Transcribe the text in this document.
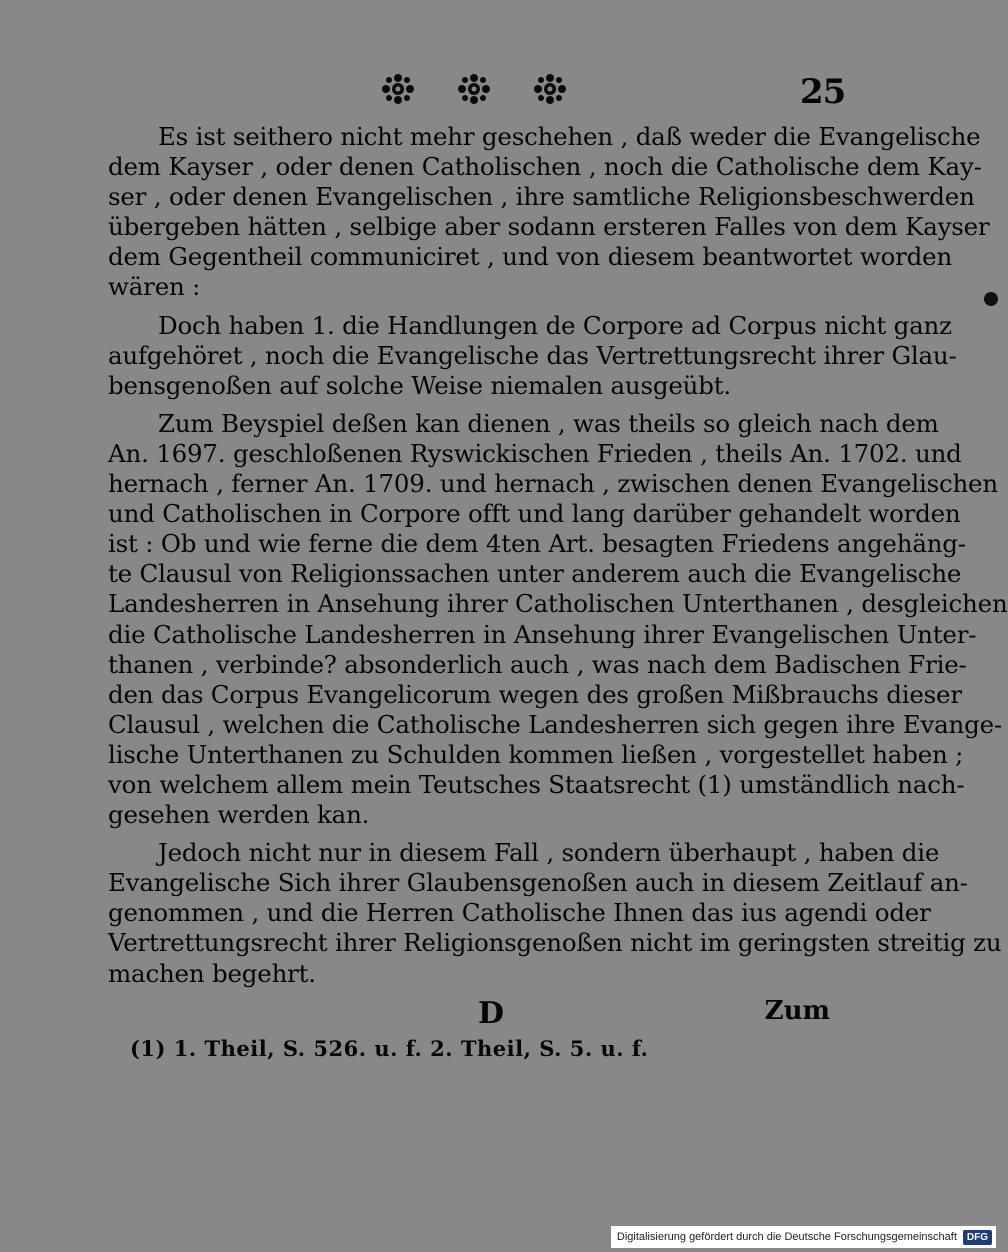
25

Es ist seithero nicht mehr geschehen , daß weder die Evangelische
dem Kayser , oder denen Catholischen , noch die Catholische dem Kay-
ser , oder denen Evangelischen , ihre samtliche Religionsbeschwerden
übergeben hätten , selbige aber sodann ersteren Falles von dem Kayser
dem Gegentheil communiciret , und von diesem beantwortet worden
wären :

Doch haben 1. die Handlungen de Corpore ad Corpus nicht ganz
aufgehöret , noch die Evangelische das Vertrettungsrecht ihrer Glau-
bensgenoßen auf solche Weise niemalen ausgeübt.

Zum Beyspiel deßen kan dienen , was theils so gleich nach dem
An. 1697. geschloßenen Ryswickischen Frieden , theils An. 1702. und
hernach , ferner An. 1709. und hernach , zwischen denen Evangelischen
und Catholischen in Corpore offt und lang darüber gehandelt worden
ist : Ob und wie ferne die dem 4ten Art. besagten Friedens angehäng-
te Clausul von Religionssachen unter anderem auch die Evangelische
Landesherren in Ansehung ihrer Catholischen Unterthanen , desgleichen
die Catholische Landesherren in Ansehung ihrer Evangelischen Unter-
thanen , verbinde? absonderlich auch , was nach dem Badischen Frie-
den das Corpus Evangelicorum wegen des großen Mißbrauchs dieser
Clausul , welchen die Catholische Landesherren sich gegen ihre Evange-
lische Unterthanen zu Schulden kommen ließen , vorgestellet haben ;
von welchem allem mein Teutsches Staatsrecht (1) umständlich nach-
gesehen werden kan.

Jedoch nicht nur in diesem Fall , sondern überhaupt , haben die
Evangelische Sich ihrer Glaubensgenoßen auch in diesem Zeitlauf an-
genommen , und die Herren Catholische Ihnen das ius agendi oder
Vertrettungsrecht ihrer Religionsgenoßen nicht im geringsten streitig zu
machen begehrt.

D	Zum
(1) 1. Theil, S. 526. u. f. 2. Theil, S. 5. u. f.
Digitalisierung gefördert durch die Deutsche Forschungsgemeinschaft	DFG
